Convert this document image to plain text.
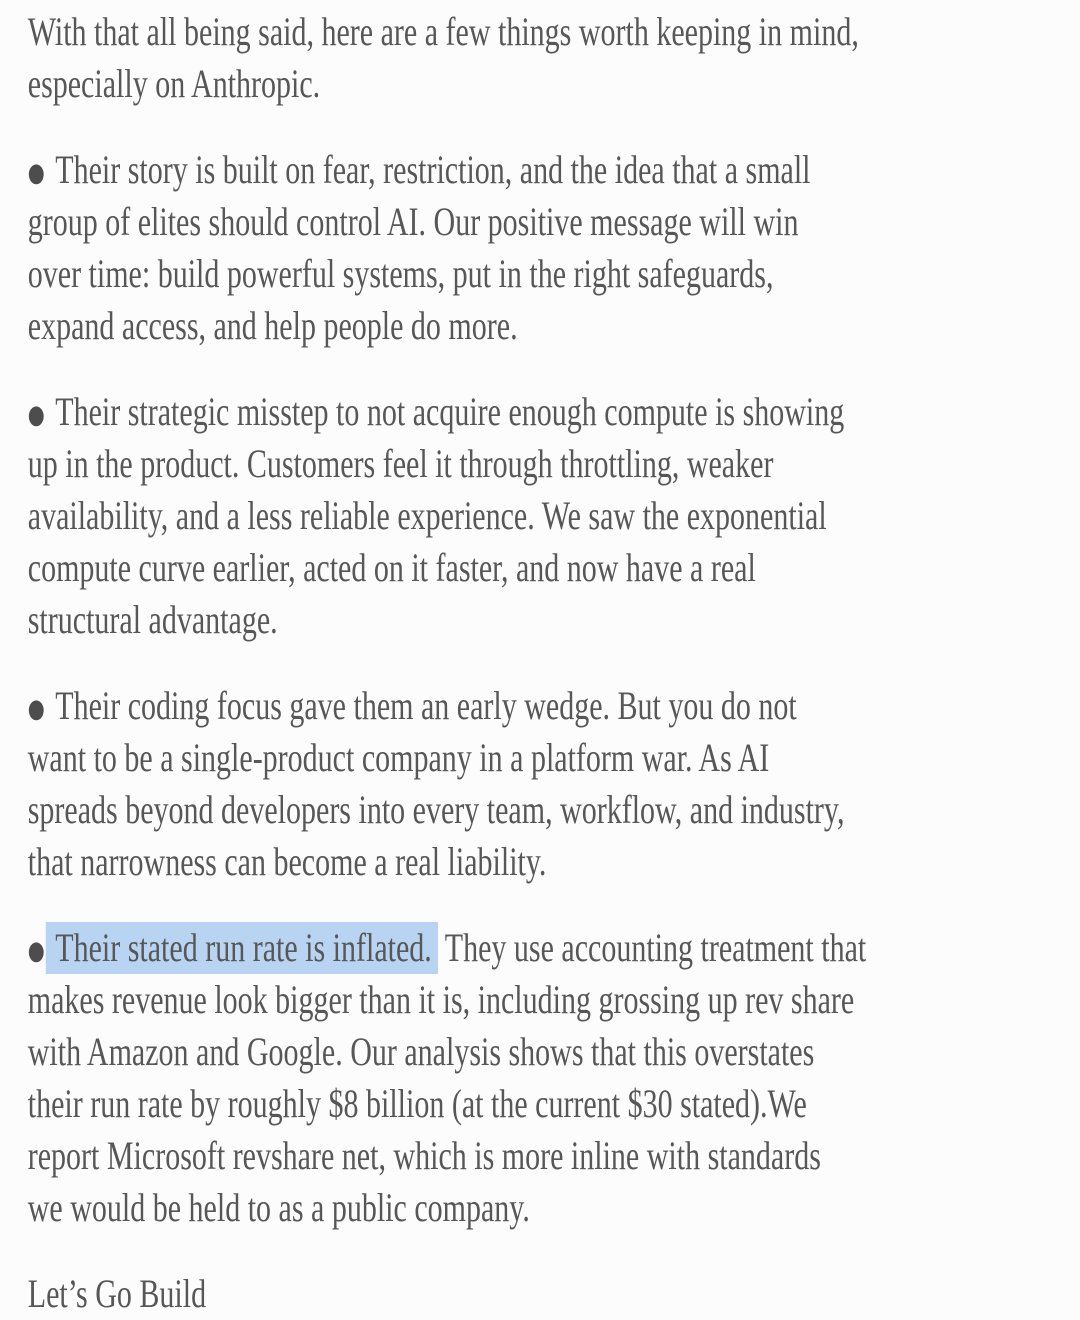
With that all being said, here are a few things worth keeping in mind,
especially on Anthropic.
● Their story is built on fear, restriction, and the idea that a small
group of elites should control AI. Our positive message will win
over time: build powerful systems, put in the right safeguards,
expand access, and help people do more.
● Their strategic misstep to not acquire enough compute is showing
up in the product. Customers feel it through throttling, weaker
availability, and a less reliable experience. We saw the exponential
compute curve earlier, acted on it faster, and now have a real
structural advantage.
● Their coding focus gave them an early wedge. But you do not
want to be a single-product company in a platform war. As AI
spreads beyond developers into every team, workflow, and industry,
that narrowness can become a real liability.
● Their stated run rate is inflated. They use accounting treatment that
makes revenue look bigger than it is, including grossing up rev share
with Amazon and Google. Our analysis shows that this overstates
their run rate by roughly $8 billion (at the current $30 stated).We
report Microsoft revshare net, which is more inline with standards
we would be held to as a public company.
Let’s Go Build
